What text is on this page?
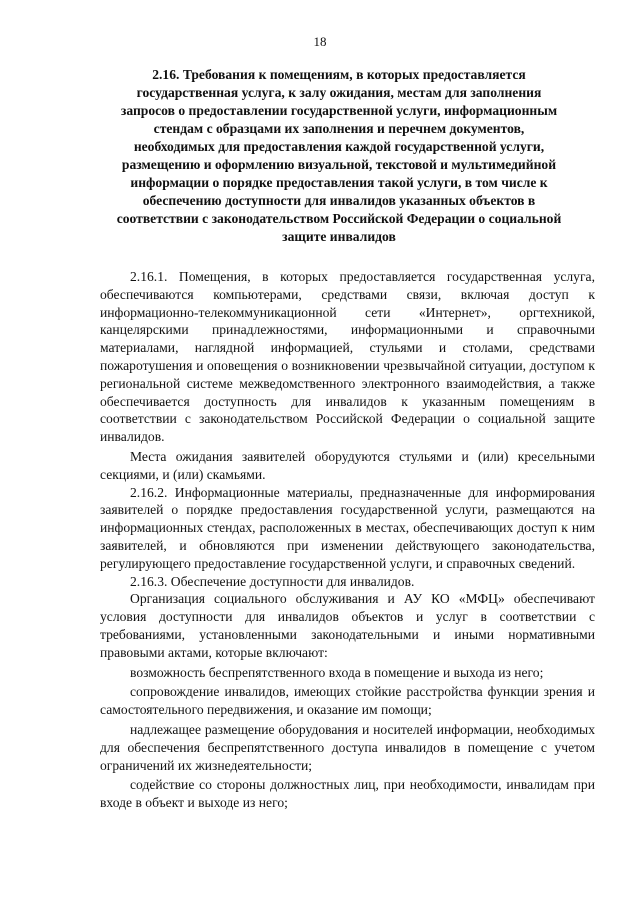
18
2.16. Требования к помещениям, в которых предоставляется
государственная услуга, к залу ожидания, местам для заполнения
запросов о предоставлении государственной услуги, информационным
стендам с образцами их заполнения и перечнем документов,
необходимых для предоставления каждой государственной услуги,
размещению и оформлению визуальной, текстовой и мультимедийной
информации о порядке предоставления такой услуги, в том числе к
обеспечению доступности для инвалидов указанных объектов в
соответствии с законодательством Российской Федерации о социальной
защите инвалидов

2.16.1. Помещения, в которых предоставляется государственная услуга, обеспечиваются компьютерами, средствами связи, включая доступ к информационно-телекоммуникационной сети «Интернет», оргтехникой, канцелярскими принадлежностями, информационными и справочными материалами, наглядной информацией, стульями и столами, средствами пожаротушения и оповещения о возникновении чрезвычайной ситуации, доступом к региональной системе межведомственного электронного взаимодействия, а также обеспечивается доступность для инвалидов к указанным помещениям в соответствии с законодательством Российской Федерации о социальной защите инвалидов.

Места ожидания заявителей оборудуются стульями и (или) кресельными секциями, и (или) скамьями.

2.16.2. Информационные материалы, предназначенные для информирования заявителей о порядке предоставления государственной услуги, размещаются на информационных стендах, расположенных в местах, обеспечивающих доступ к ним заявителей, и обновляются при изменении действующего законодательства, регулирующего предоставление государственной услуги, и справочных сведений.

2.16.3. Обеспечение доступности для инвалидов.

Организация социального обслуживания и АУ КО «МФЦ» обеспечивают условия доступности для инвалидов объектов и услуг в соответствии с требованиями, установленными законодательными и иными нормативными правовыми актами, которые включают:

возможность беспрепятственного входа в помещение и выхода из него;

сопровождение инвалидов, имеющих стойкие расстройства функции зрения и самостоятельного передвижения, и оказание им помощи;

надлежащее размещение оборудования и носителей информации, необходимых для обеспечения беспрепятственного доступа инвалидов в помещение с учетом ограничений их жизнедеятельности;

содействие со стороны должностных лиц, при необходимости, инвалидам при входе в объект и выходе из него;
